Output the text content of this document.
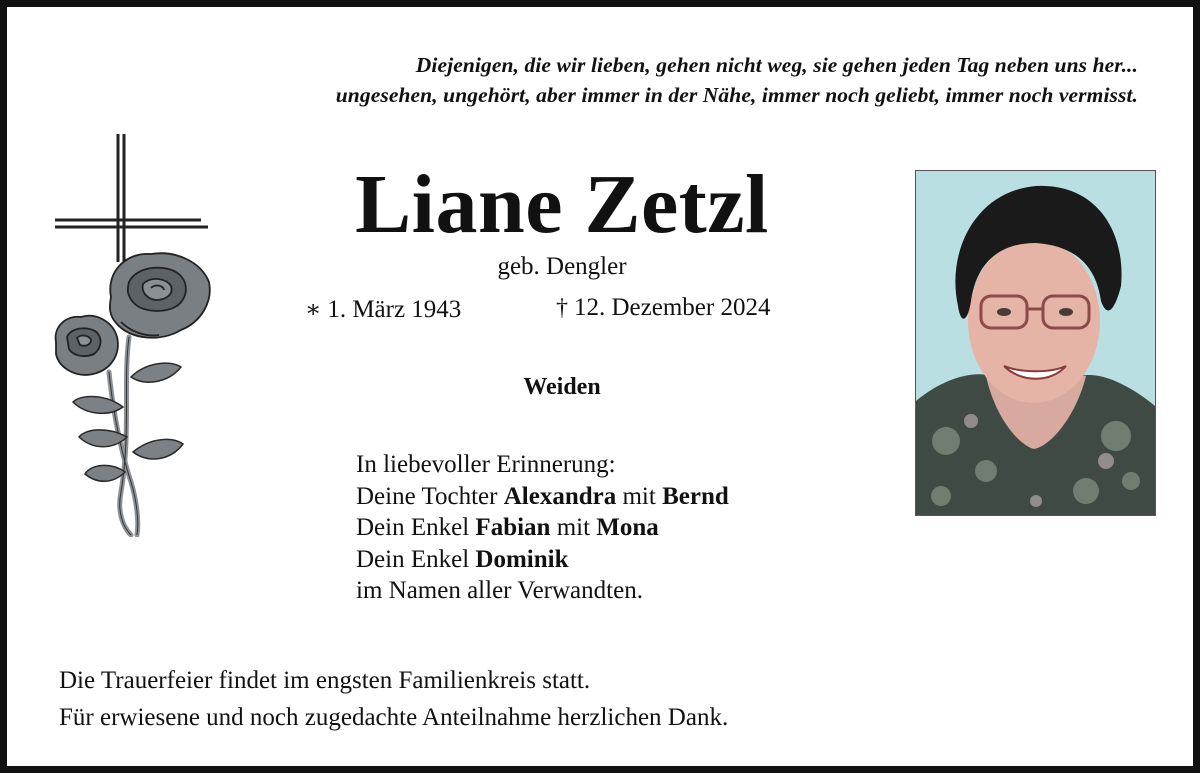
Diejenigen, die wir lieben, gehen nicht weg, sie gehen jeden Tag neben uns her...
ungesehen, ungehört, aber immer in der Nähe, immer noch geliebt, immer noch vermisst.
Liane Zetzl
geb. Dengler
∗ 1. März 1943	† 12. Dezember 2024
Weiden
In liebevoller Erinnerung:
Deine Tochter Alexandra mit Bernd
Dein Enkel Fabian mit Mona
Dein Enkel Dominik
im Namen aller Verwandten.
Die Trauerfeier findet im engsten Familienkreis statt.
Für erwiesene und noch zugedachte Anteilnahme herzlichen Dank.
